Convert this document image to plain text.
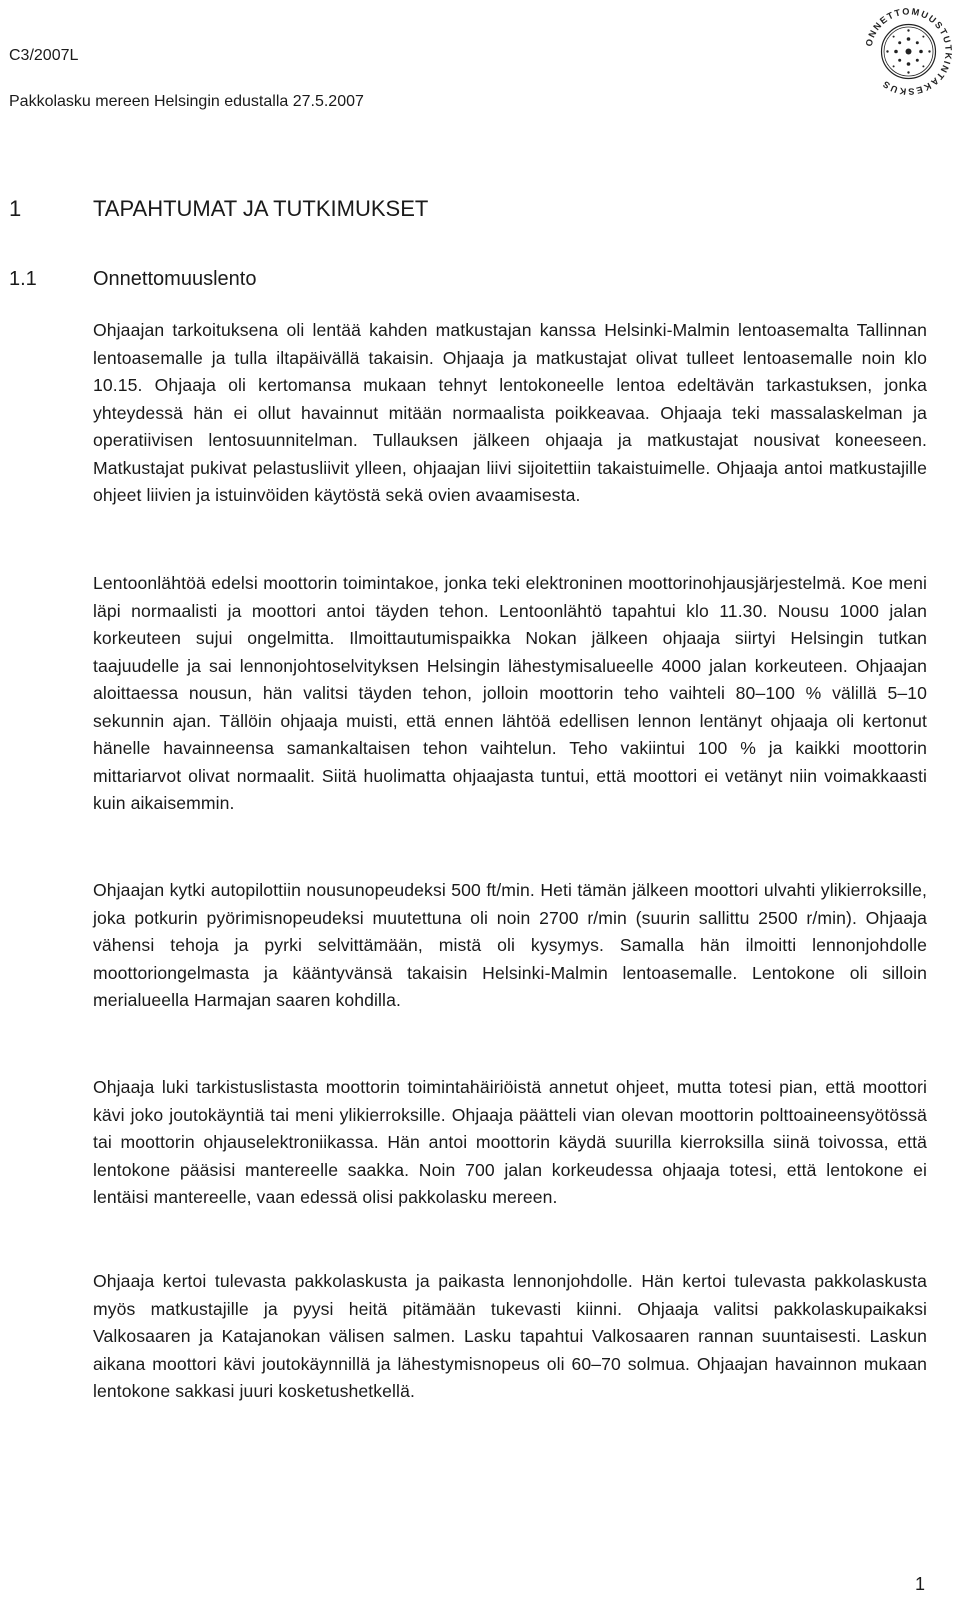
C3/2007L
Pakkolasku mereen Helsingin edustalla 27.5.2007
ONNETTOMUUSTUTKINTAKESKUS
1	TAPAHTUMAT JA TUTKIMUKSET
1.1	Onnettomuuslento

Ohjaajan tarkoituksena oli lentää kahden matkustajan kanssa Helsinki-Malmin lentoasemalta Tallinnan lentoasemalle ja tulla iltapäivällä takaisin. Ohjaaja ja matkustajat olivat tulleet lentoasemalle noin klo 10.15. Ohjaaja oli kertomansa mukaan tehnyt lentokoneelle lentoa edeltävän tarkastuksen, jonka yhteydessä hän ei ollut havainnut mitään normaalista poikkeavaa. Ohjaaja teki massalaskelman ja operatiivisen lentosuunnitelman. Tullauksen jälkeen ohjaaja ja matkustajat nousivat koneeseen. Matkustajat pukivat pelastusliivit ylleen, ohjaajan liivi sijoitettiin takaistuimelle. Ohjaaja antoi matkustajille ohjeet liivien ja istuinvöiden käytöstä sekä ovien avaamisesta.

Lentoonlähtöä edelsi moottorin toimintakoe, jonka teki elektroninen moottorinohjausjärjestelmä. Koe meni läpi normaalisti ja moottori antoi täyden tehon. Lentoonlähtö tapahtui klo 11.30. Nousu 1000 jalan korkeuteen sujui ongelmitta. Ilmoittautumispaikka Nokan jälkeen ohjaaja siirtyi Helsingin tutkan taajuudelle ja sai lennonjohtoselvityksen Helsingin lähestymisalueelle 4000 jalan korkeuteen. Ohjaajan aloittaessa nousun, hän valitsi täyden tehon, jolloin moottorin teho vaihteli 80–100 % välillä 5–10 sekunnin ajan. Tällöin ohjaaja muisti, että ennen lähtöä edellisen lennon lentänyt ohjaaja oli kertonut hänelle havainneensa samankaltaisen tehon vaihtelun. Teho vakiintui 100 % ja kaikki moottorin mittariarvot olivat normaalit. Siitä huolimatta ohjaajasta tuntui, että moottori ei vetänyt niin voimakkaasti kuin aikaisemmin.

Ohjaajan kytki autopilottiin nousunopeudeksi 500 ft/min. Heti tämän jälkeen moottori ulvahti ylikierroksille, joka potkurin pyörimisnopeudeksi muutettuna oli noin 2700 r/min (suurin sallittu 2500 r/min). Ohjaaja vähensi tehoja ja pyrki selvittämään, mistä oli kysymys. Samalla hän ilmoitti lennonjohdolle moottoriongelmasta ja kääntyvänsä takaisin Helsinki-Malmin lentoasemalle. Lentokone oli silloin merialueella Harmajan saaren kohdilla.

Ohjaaja luki tarkistuslistasta moottorin toimintahäiriöistä annetut ohjeet, mutta totesi pian, että moottori kävi joko joutokäyntiä tai meni ylikierroksille. Ohjaaja päätteli vian olevan moottorin polttoaineensyötössä tai moottorin ohjauselektroniikassa. Hän antoi moottorin käydä suurilla kierroksilla siinä toivossa, että lentokone pääsisi mantereelle saakka. Noin 700 jalan korkeudessa ohjaaja totesi, että lentokone ei lentäisi mantereelle, vaan edessä olisi pakkolasku mereen.

Ohjaaja kertoi tulevasta pakkolaskusta ja paikasta lennonjohdolle. Hän kertoi tulevasta pakkolaskusta myös matkustajille ja pyysi heitä pitämään tukevasti kiinni. Ohjaaja valitsi pakkolaskupaikaksi Valkosaaren ja Katajanokan välisen salmen. Lasku tapahtui Valkosaaren rannan suuntaisesti. Laskun aikana moottori kävi joutokäynnillä ja lähestymisnopeus oli 60–70 solmua. Ohjaajan havainnon mukaan lentokone sakkasi juuri kosketushetkellä.

1
